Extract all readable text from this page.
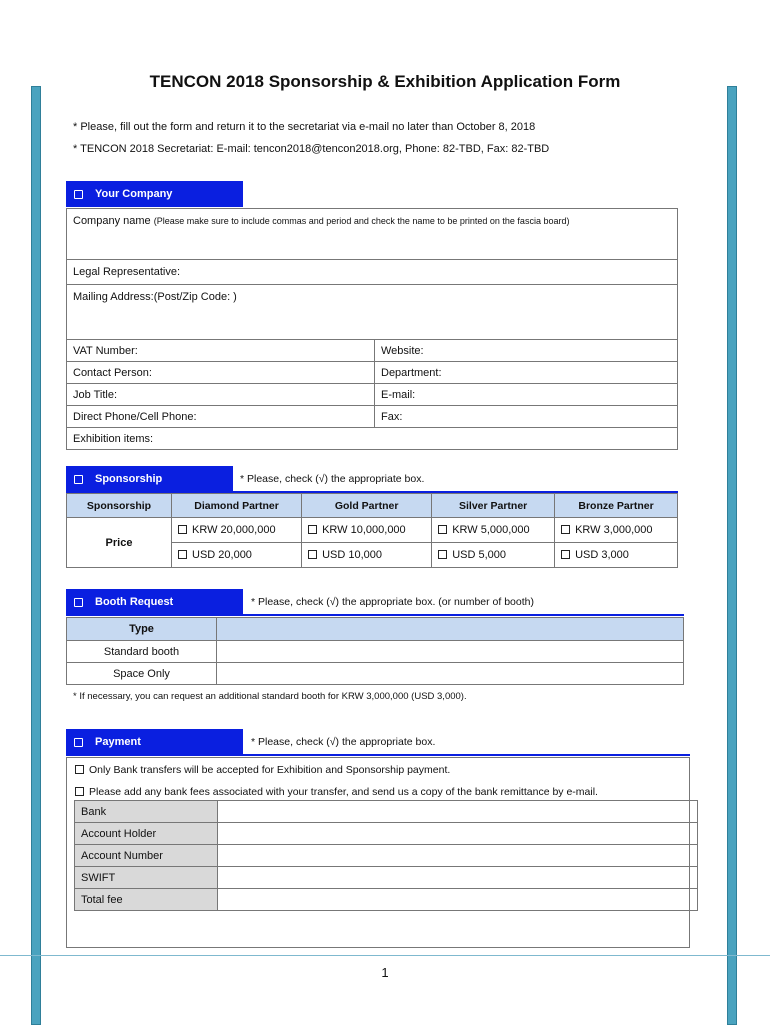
TENCON 2018 Sponsorship & Exhibition Application Form
* Please, fill out the form and return it to the secretariat via e-mail no later than October 8, 2018
* TENCON 2018 Secretariat: E-mail: tencon2018@tencon2018.org, Phone: 82-TBD, Fax: 82-TBD
Your Company
Company name (Please make sure to include commas and period and check the name to be printed on the fascia board)	
Legal Representative:	
Mailing Address:(Post/Zip Code: )	
VAT Number:	Website:
Contact Person:	Department:
Job Title:	E-mail:
Direct Phone/Cell Phone:	Fax:
Exhibition items:	
Sponsorship	* Please, check (√) the appropriate box.
Sponsorship	Diamond Partner	Gold Partner	Silver Partner	Bronze Partner
Price	KRW 20,000,000	KRW 10,000,000	KRW 5,000,000	KRW 3,000,000
	USD 20,000	USD 10,000	USD 5,000	USD 3,000
Booth Request	* Please, check (√) the appropriate box. (or number of booth)
Type	
Standard booth	
Space Only	
* If necessary, you can request an additional standard booth for KRW 3,000,000 (USD 3,000).
Payment	* Please, check (√) the appropriate box.
Only Bank transfers will be accepted for Exhibition and Sponsorship payment.
Please add any bank fees associated with your transfer, and send us a copy of the bank remittance by e-mail.
Bank	
Account Holder	
Account Number	
SWIFT	
Total fee	
1
